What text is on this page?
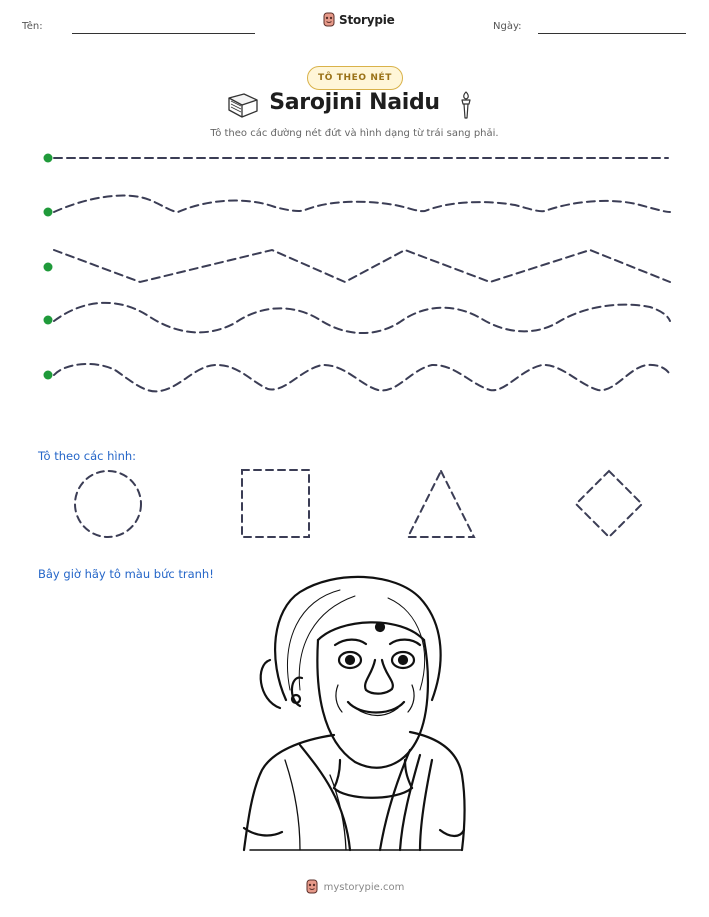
Tên:	Storypie	Ngày:
TÔ THEO NÉT
Sarojini Naidu
Tô theo các đường nét đứt và hình dạng từ trái sang phải.
Tô theo các hình:
Bây giờ hãy tô màu bức tranh!
mystorypie.com
